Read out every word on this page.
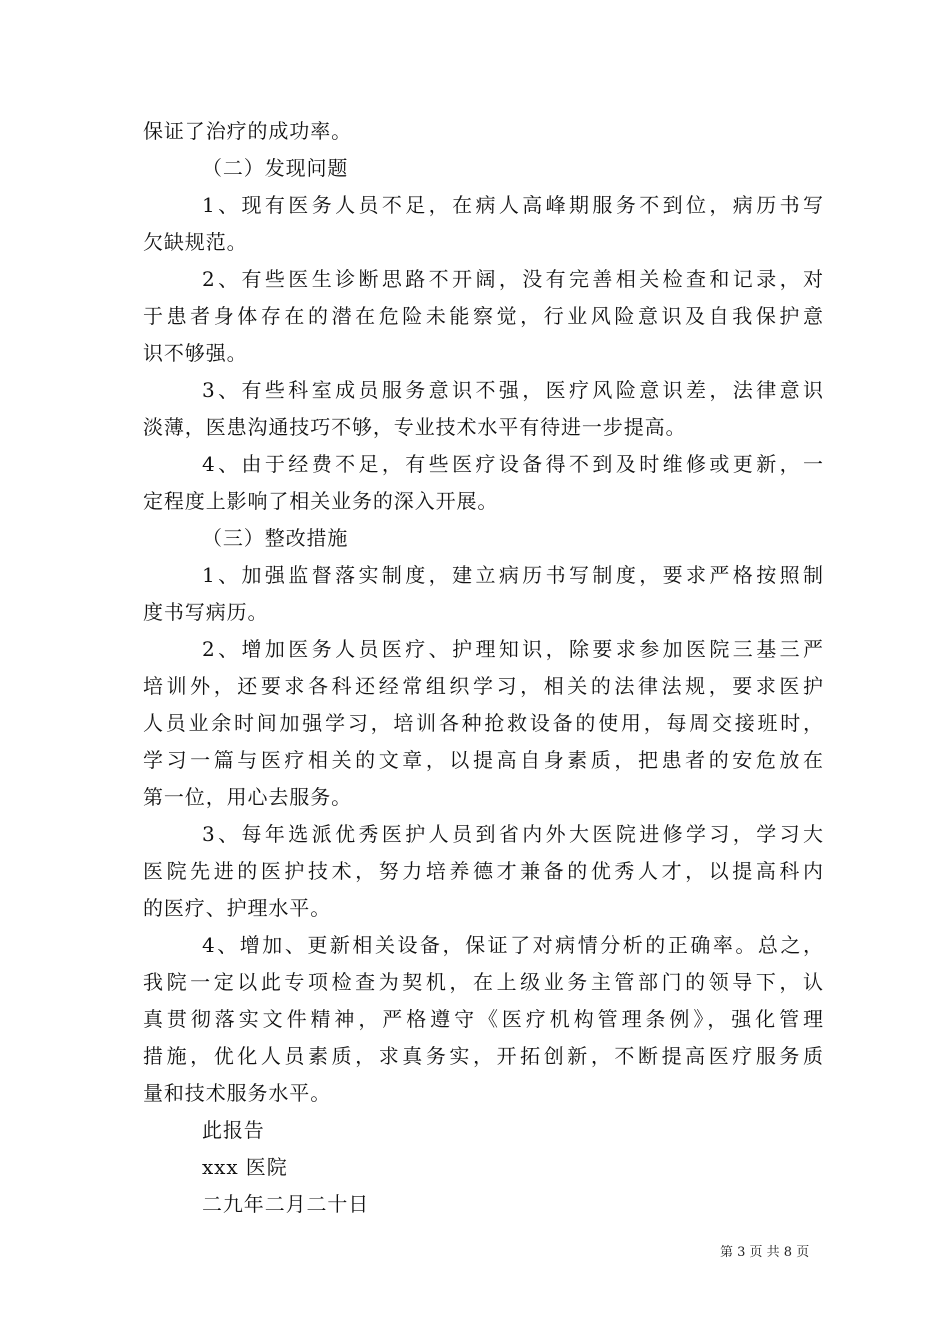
保证了治疗的成功率。
（二）发现问题
1、现有医务人员不足，在病人高峰期服务不到位，病历书写
欠缺规范。
2、有些医生诊断思路不开阔，没有完善相关检查和记录，对
于患者身体存在的潜在危险未能察觉，行业风险意识及自我保护意
识不够强。
3、有些科室成员服务意识不强，医疗风险意识差，法律意识
淡薄，医患沟通技巧不够，专业技术水平有待进一步提高。
4、由于经费不足，有些医疗设备得不到及时维修或更新，一
定程度上影响了相关业务的深入开展。
（三）整改措施
1、加强监督落实制度，建立病历书写制度，要求严格按照制
度书写病历。
2、增加医务人员医疗、护理知识，除要求参加医院三基三严
培训外，还要求各科还经常组织学习，相关的法律法规，要求医护
人员业余时间加强学习，培训各种抢救设备的使用，每周交接班时，
学习一篇与医疗相关的文章，以提高自身素质，把患者的安危放在
第一位，用心去服务。
3、每年选派优秀医护人员到省内外大医院进修学习，学习大
医院先进的医护技术，努力培养德才兼备的优秀人才，以提高科内
的医疗、护理水平。
4、增加、更新相关设备，保证了对病情分析的正确率。总之，
我院一定以此专项检查为契机，在上级业务主管部门的领导下，认
真贯彻落实文件精神，严格遵守《医疗机构管理条例》，强化管理
措施，优化人员素质，求真务实，开拓创新，不断提高医疗服务质
量和技术服务水平。
此报告
xxx 医院
二九年二月二十日
第 3 页 共 8 页
